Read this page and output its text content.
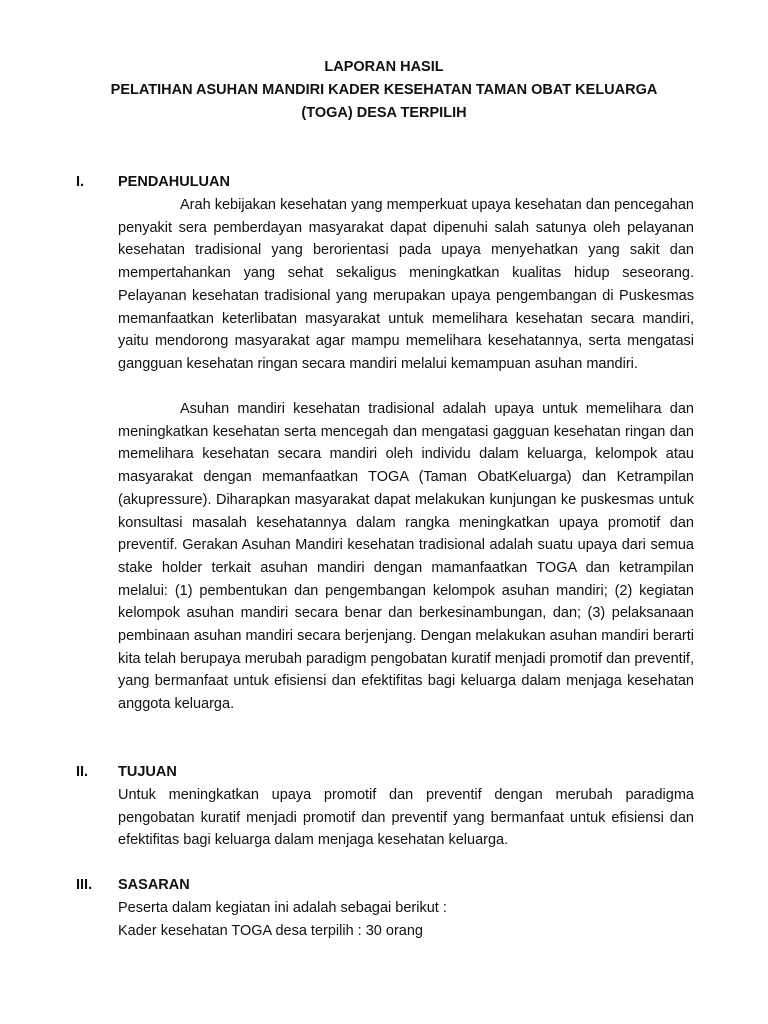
LAPORAN HASIL
PELATIHAN ASUHAN MANDIRI KADER KESEHATAN TAMAN OBAT KELUARGA
(TOGA) DESA TERPILIH
I. PENDAHULUAN

Arah kebijakan kesehatan yang memperkuat upaya kesehatan dan pencegahan penyakit sera pemberdayan masyarakat dapat dipenuhi salah satunya oleh pelayanan kesehatan tradisional yang berorientasi pada upaya menyehatkan yang sakit dan mempertahankan yang sehat sekaligus meningkatkan kualitas hidup seseorang. Pelayanan kesehatan tradisional yang merupakan upaya pengembangan di Puskesmas memanfaatkan keterlibatan masyarakat untuk memelihara kesehatan secara mandiri, yaitu mendorong masyarakat agar mampu memelihara kesehatannya, serta mengatasi gangguan kesehatan ringan secara mandiri melalui kemampuan asuhan mandiri.

Asuhan mandiri kesehatan tradisional adalah upaya untuk memelihara dan meningkatkan kesehatan serta mencegah dan mengatasi gagguan kesehatan ringan dan memelihara kesehatan secara mandiri oleh individu dalam keluarga, kelompok atau masyarakat dengan memanfaatkan TOGA (Taman ObatKeluarga) dan Ketrampilan (akupressure). Diharapkan masyarakat dapat melakukan kunjungan ke puskesmas untuk konsultasi masalah kesehatannya dalam rangka meningkatkan upaya promotif dan preventif. Gerakan Asuhan Mandiri kesehatan tradisional adalah suatu upaya dari semua stake holder terkait asuhan mandiri dengan mamanfaatkan TOGA dan ketrampilan melalui: (1) pembentukan dan pengembangan kelompok asuhan mandiri; (2) kegiatan kelompok asuhan mandiri secara benar dan berkesinambungan, dan; (3) pelaksanaan pembinaan asuhan mandiri secara berjenjang. Dengan melakukan asuhan mandiri berarti kita telah berupaya merubah paradigm pengobatan kuratif menjadi promotif dan preventif, yang bermanfaat untuk efisiensi dan efektifitas bagi keluarga dalam menjaga kesehatan anggota keluarga.

II. TUJUAN

Untuk meningkatkan upaya promotif dan preventif dengan merubah paradigma pengobatan kuratif menjadi promotif dan preventif yang bermanfaat untuk efisiensi dan efektifitas bagi keluarga dalam menjaga kesehatan keluarga.

III. SASARAN
Peserta dalam kegiatan ini adalah sebagai berikut :
Kader kesehatan TOGA desa terpilih : 30 orang
